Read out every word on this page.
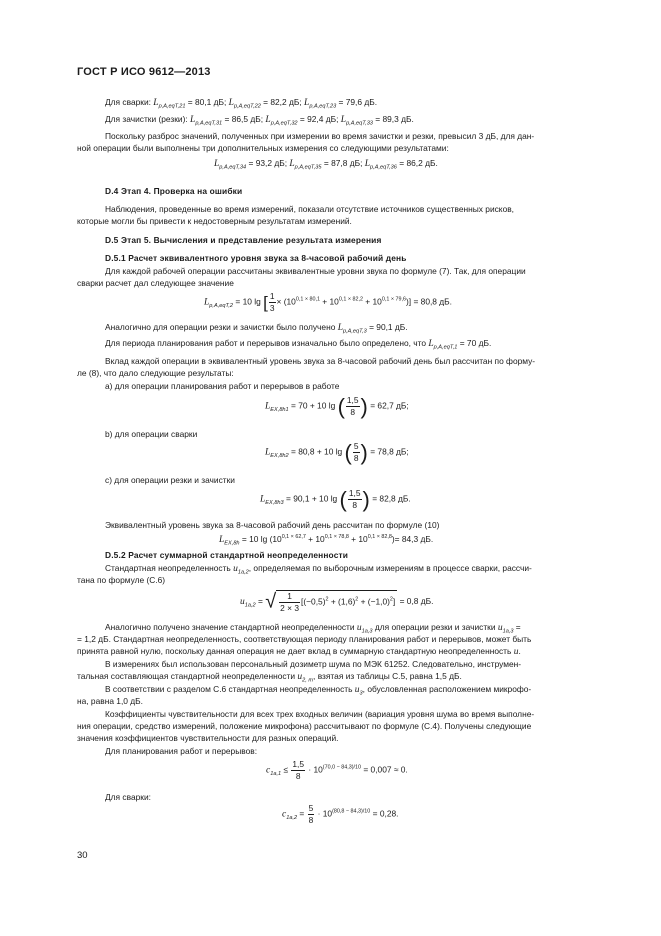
ГОСТ Р ИСО 9612—2013

Для сварки: $L_{p,A,eqT,21} = 80,1$ дБ; $L_{p,A,eqT,22} = 82,2$ дБ; $L_{p,A,eqT,23} = 79,6$ дБ.

Для зачистки (резки): $L_{p,A,eqT,31} = 86,5$ дБ; $L_{p,A,eqT,32} = 92,4$ дБ; $L_{p,A,eqT,33} = 89,3$ дБ.

Поскольку разброс значений, полученных при измерении во время зачистки и резки, превысил 3 дБ, для дан-

ной операции были выполнены три дополнительных измерения со следующими результатами:

$L_{p,A,eqT,34} = 93,2$ дБ; $L_{p,A,eqT,35} = 87,8$ дБ; $L_{p,A,eqT,36} = 86,2$ дБ.

D.4 Этап 4. Проверка на ошибки

Наблюдения, проведенные во время измерений, показали отсутствие источников существенных рисков,

которые могли бы привести к недостоверным результатам измерений.

D.5 Этап 5. Вычисления и представление результата измерения

D.5.1 Расчет эквивалентного уровня звука за 8-часовой рабочий день

Для каждой рабочей операции рассчитаны эквивалентные уровни звука по формуле (7). Так, для операции

сварки расчет дал следующее значение

$L_{p,A,eqT,2} = 10$ lg [ $\frac{1}{3} \times (10^{0,1 \times 80,1} + 10^{0,1 \times 82,2} + 10^{0,1 \times 79,6})] = 80,8$ дБ.

Аналогично для операции резки и зачистки было получено $L_{p,A,eqT,3} = 90,1$ дБ.

Для периода планирования работ и перерывов изначально было определено, что $L_{p,A,eqT,1} = 70$ дБ.

Вклад каждой операции в эквивалентный уровень звука за 8-часовой рабочий день был рассчитан по форму-

ле (8), что дало следующие результаты:

a) для операции планирования работ и перерывов в работе

$L_{EX,8h1} = 70 + 10$ lg ( $\frac{1,5}{8}$ ) = 62,7 дБ;

b) для операции сварки

$L_{EX,8h2} = 80,8 + 10$ lg ( $\frac{5}{8}$ ) = 78,8 дБ;

c) для операции резки и зачистки

$L_{EX,8h3} = 90,1 + 10$ lg ( $\frac{1,5}{8}$ ) = 82,8 дБ.

Эквивалентный уровень звука за 8-часовой рабочий день рассчитан по формуле (10)

$L_{EX,8h} = 10$ $\lg (10^{0,1 \times 62,7} + 10^{0,1 \times 78,8} + 10^{0,1 \times 82,8})= 84,3$ дБ.

D.5.2 Расчет суммарной стандартной неопределенности

Стандартная неопределенность $u_{1a,2}$, определяемая по выборочным измерениям в процессе сварки, рассчи-

тана по формуле (С.6)

$u_{1a,2}$ = √ $\frac{1}{2 \times 3} [(-0,5)^2 + (1,6)^2 + (-1,0)^2] = 0,8$ дБ.

Аналогично получено значение стандартной неопределенности $u_{1a,3}$ для операции резки и зачистки $u_{1a,3}$ =

= 1,2 дБ. Стандартная неопределенность, соответствующая периоду планирования работ и перерывов, может быть

принята равной нулю, поскольку данная операция не дает вклад в суммарную стандартную неопределенность u.

В измерениях был использован персональный дозиметр шума по МЭК 61252. Следовательно, инструмен-

тальная составляющая стандартной неопределенности $u_{2, m}$, взятая из таблицы С.5, равна 1,5 дБ.

В соответствии с разделом С.6 стандартная неопределенность $u_3$, обусловленная расположением микрофо-

на, равна 1,0 дБ.

Коэффициенты чувствительности для всех трех входных величин (вариация уровня шума во время выполне-

ния операции, средство измерений, положение микрофона) рассчитывают по формуле (С.4). Получены следующие

значения коэффициентов чувствительности для разных операций.

Для планирования работ и перерывов:

$c_{1a,1} \le \frac{1,5}{8} \cdot 10^{(70,0 - 84,3)/10} = 0,007 \approx 0$.

Для сварки:

$c_{1a,2} = \frac{5}{8} \cdot 10^{(80,8 - 84,3)/10} = 0,28$.
30
